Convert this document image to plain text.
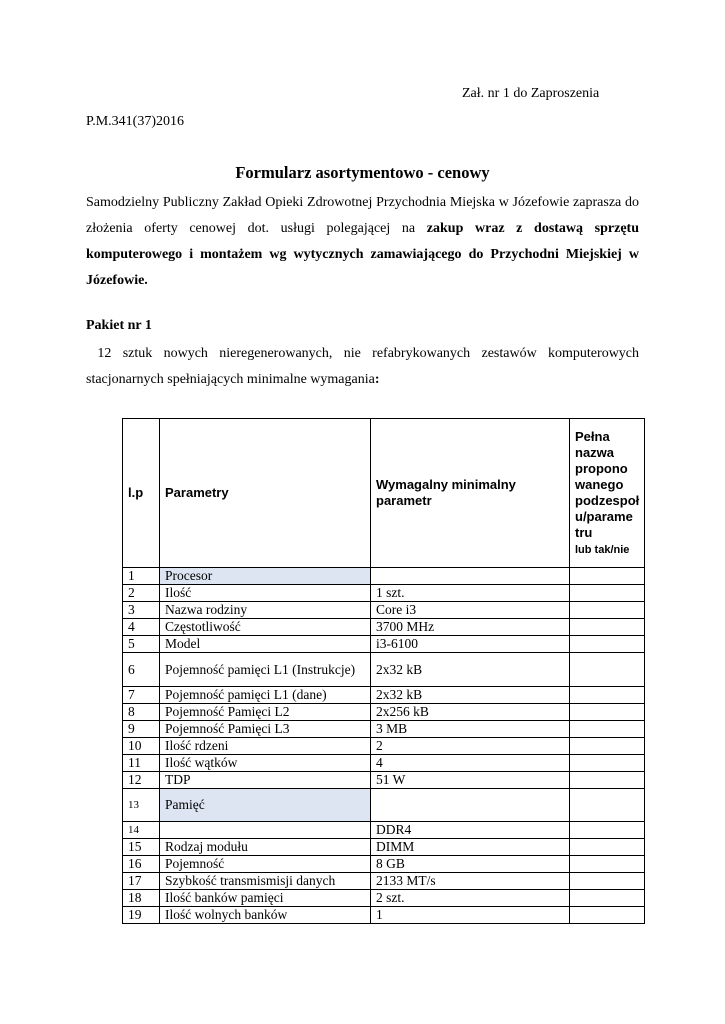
Zał. nr 1 do Zaproszenia
P.M.341(37)2016
Formularz asortymentowo - cenowy
Samodzielny Publiczny Zakład Opieki Zdrowotnej Przychodnia Miejska w Józefowie zaprasza do złożenia oferty cenowej dot. usługi polegającej na zakup wraz z dostawą sprzętu komputerowego i montażem wg wytycznych zamawiającego do Przychodni Miejskiej w Józefowie.
Pakiet nr 1
12 sztuk nowych nieregenerowanych, nie refabrykowanych zestawów komputerowych stacjonarnych spełniających minimalne wymagania:
l.p	Parametry	Wymagalny minimalny parametr	Pełna nazwa propono wanego podzespoł u/parame tru
lub tak/nie
1	Procesor		
2	Ilość	1 szt.	
3	Nazwa rodziny	Core i3	
4	Częstotliwość	3700 MHz	
5	Model	i3-6100	
6	Pojemność pamięci L1 (Instrukcje)	2x32 kB	
7	Pojemność pamięci L1 (dane)	2x32 kB	
8	Pojemność Pamięci L2	2x256 kB	
9	Pojemność Pamięci L3	3 MB	
10	Ilość rdzeni	2	
11	Ilość wątków	4	
12	TDP	51 W	
13	Pamięć		
14		DDR4	
15	Rodzaj modułu	DIMM	
16	Pojemność	8 GB	
17	Szybkość transmismisji danych	2133 MT/s	
18	Ilość banków pamięci	2 szt.	
19	Ilość wolnych banków	1	
